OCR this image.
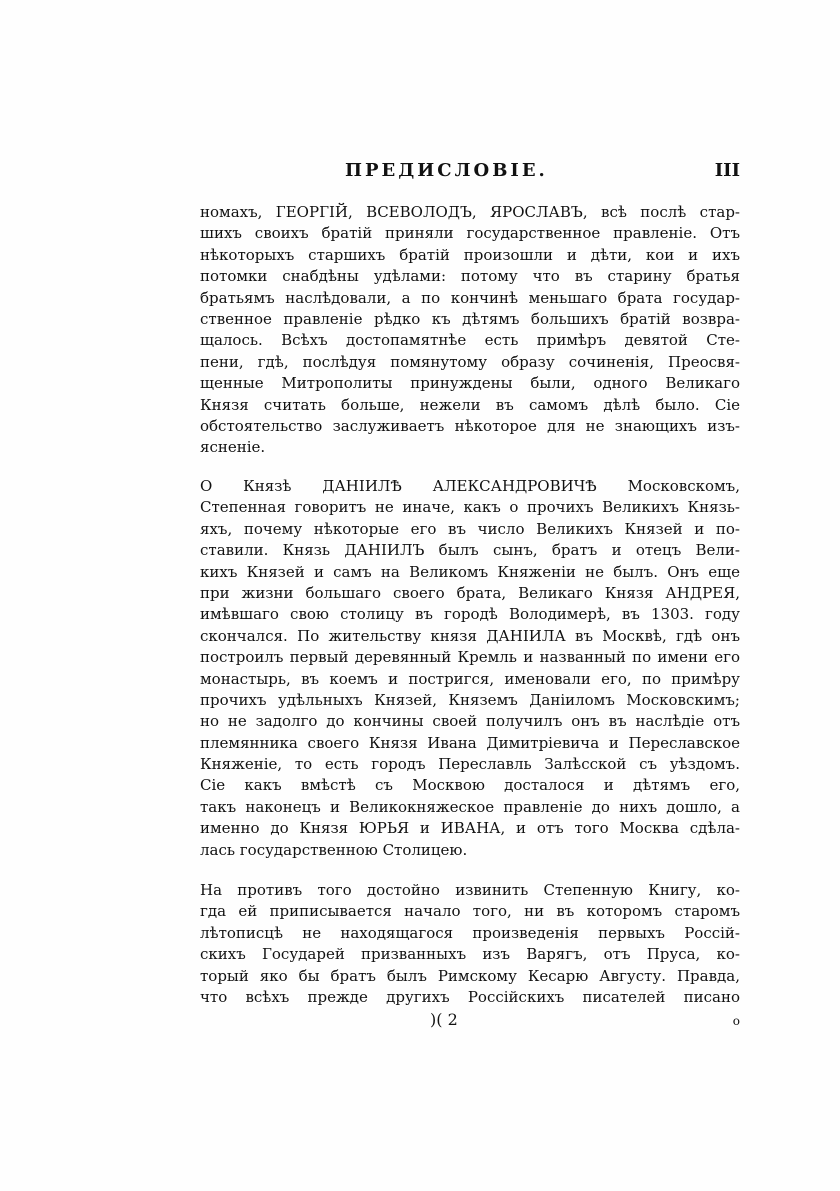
ПРЕДИСЛОВІЕ.	III
номахъ, ГЕОРГІЙ, ВСЕВОЛОДЪ, ЯРОСЛАВЪ, всѣ послѣ стар-
шихъ своихъ братій приняли государственное правленіе. Отъ
нѣкоторыхъ старшихъ братій произошли и дѣти, кои и ихъ
потомки снабдѣны удѣлами: потому что въ старину братья
братьямъ наслѣдовали, а по кончинѣ меньшаго брата государ-
ственное правленіе рѣдко къ дѣтямъ большихъ братій возвра-
щалось. Всѣхъ достопамятнѣе есть примѣръ девятой Сте-
пени, гдѣ, послѣдуя помянутому образу сочиненія, Преосвя-
щенные Митрополиты принуждены были, одного Великаго
Князя считать больше, нежели въ самомъ дѣлѣ было. Сіе
обстоятельство заслуживаетъ нѣкоторое для не знающихъ изъ-
ясненіе.
О Князѣ ДАНІИЛѢ АЛЕКСАНДРОВИЧѢ Московскомъ,
Степенная говоритъ не иначе, какъ о прочихъ Великихъ Князь-
яхъ, почему нѣкоторые его въ число Великихъ Князей и по-
ставили. Князь ДАНІИЛЪ былъ сынъ, братъ и отецъ Вели-
кихъ Князей и самъ на Великомъ Княженіи не былъ. Онъ еще
при жизни большаго своего брата, Великаго Князя АНДРЕЯ,
имѣвшаго свою столицу въ городѣ Володимерѣ, въ 1303. году
скончался. По жительству князя ДАНІИЛА въ Москвѣ, гдѣ онъ
построилъ первый деревянный Кремль и названный по имени его
монастырь, въ коемъ и постригся, именовали его, по примѣру
прочихъ удѣльныхъ Князей, Княземъ Даніиломъ Московскимъ;
но не задолго до кончины своей получилъ онъ въ наслѣдіе отъ
племянника своего Князя Ивана Димитріевича и Переславское
Княженіе, то есть городъ Переславль Залѣсской съ уѣздомъ.
Сіе какъ вмѣстѣ съ Москвою досталося и дѣтямъ его,
такъ наконецъ и Великокняжеское правленіе до нихъ дошло, а
именно до Князя ЮРЬЯ и ИВАНА, и отъ того Москва сдѣла-
лась государственною Столицею.
На противъ того достойно извинить Степенную Книгу, ко-
гда ей приписывается начало того, ни въ которомъ старомъ
лѣтописцѣ не находящагося произведенія первыхъ Россій-
скихъ Государей призванныхъ изъ Варягъ, отъ Пруса, ко-
торый яко бы братъ былъ Римскому Кесарю Августу. Правда,
что всѣхъ прежде другихъ Россійскихъ писателей писано
)( 2	о
